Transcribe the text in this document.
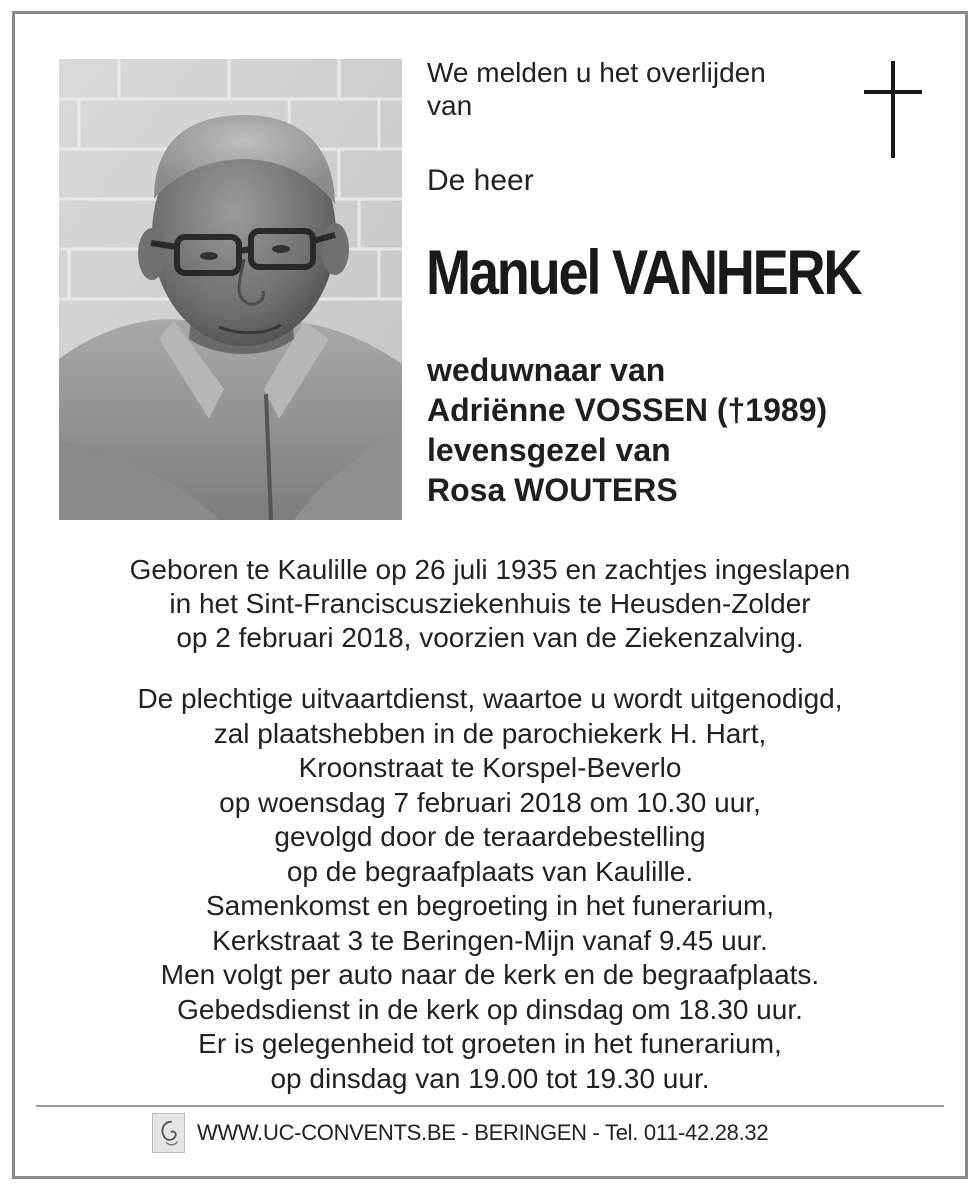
We melden u het overlijden
van
De heer
Manuel VANHERK
weduwnaar van
Adriënne VOSSEN (†1989)
levensgezel van
Rosa WOUTERS
Geboren te Kaulille op 26 juli 1935 en zachtjes ingeslapen
in het Sint-Franciscusziekenhuis te Heusden-Zolder
op 2 februari 2018, voorzien van de Ziekenzalving.
De plechtige uitvaartdienst, waartoe u wordt uitgenodigd,
zal plaatshebben in de parochiekerk H. Hart,
Kroonstraat te Korspel-Beverlo
op woensdag 7 februari 2018 om 10.30 uur,
gevolgd door de teraardebestelling
op de begraafplaats van Kaulille.
Samenkomst en begroeting in het funerarium,
Kerkstraat 3 te Beringen-Mijn vanaf 9.45 uur.
Men volgt per auto naar de kerk en de begraafplaats.
Gebedsdienst in de kerk op dinsdag om 18.30 uur.
Er is gelegenheid tot groeten in het funerarium,
op dinsdag van 19.00 tot 19.30 uur.
WWW.UC-CONVENTS.BE - BERINGEN - Tel. 011-42.28.32
